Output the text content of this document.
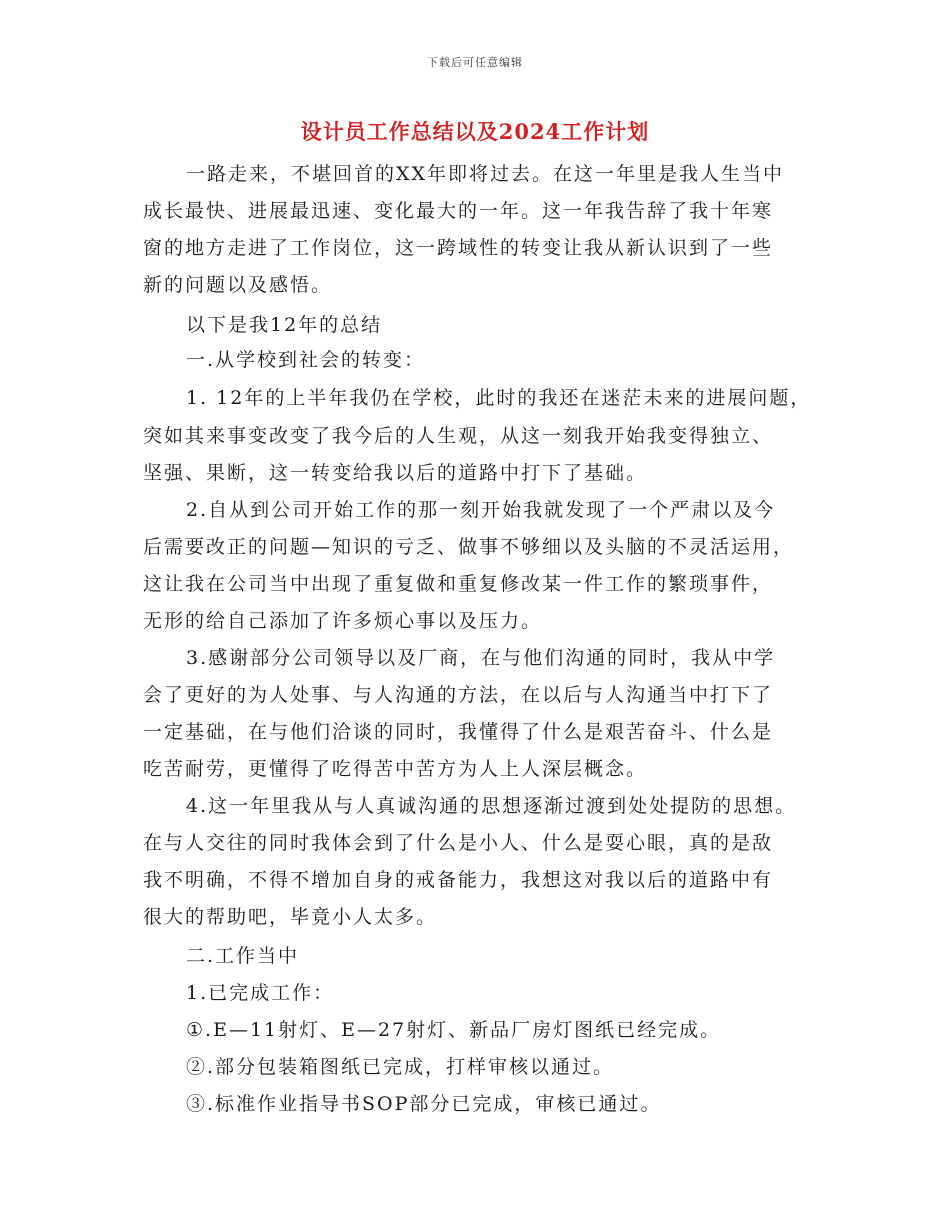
下载后可任意编辑
设计员工作总结以及2024工作计划
一路走来，不堪回首的XX年即将过去。在这一年里是我人生当中
成长最快、进展最迅速、变化最大的一年。这一年我告辞了我十年寒
窗的地方走进了工作岗位，这一跨域性的转变让我从新认识到了一些
新的问题以及感悟。
以下是我12年的总结
一.从学校到社会的转变：
1. 12年的上半年我仍在学校，此时的我还在迷茫未来的进展问题，
突如其来事变改变了我今后的人生观，从这一刻我开始我变得独立、
坚强、果断，这一转变给我以后的道路中打下了基础。
2.自从到公司开始工作的那一刻开始我就发现了一个严肃以及今
后需要改正的问题—知识的亏乏、做事不够细以及头脑的不灵活运用，
这让我在公司当中出现了重复做和重复修改某一件工作的繁琐事件，
无形的给自己添加了许多烦心事以及压力。
3.感谢部分公司领导以及厂商，在与他们沟通的同时，我从中学
会了更好的为人处事、与人沟通的方法，在以后与人沟通当中打下了
一定基础，在与他们洽谈的同时，我懂得了什么是艰苦奋斗、什么是
吃苦耐劳，更懂得了吃得苦中苦方为人上人深层概念。
4.这一年里我从与人真诚沟通的思想逐渐过渡到处处提防的思想。
在与人交往的同时我体会到了什么是小人、什么是耍心眼，真的是敌
我不明确，不得不增加自身的戒备能力，我想这对我以后的道路中有
很大的帮助吧，毕竟小人太多。
二.工作当中
1.已完成工作：
①.E—11射灯、E—27射灯、新品厂房灯图纸已经完成。
②.部分包装箱图纸已完成，打样审核以通过。
③.标准作业指导书SOP部分已完成，审核已通过。
